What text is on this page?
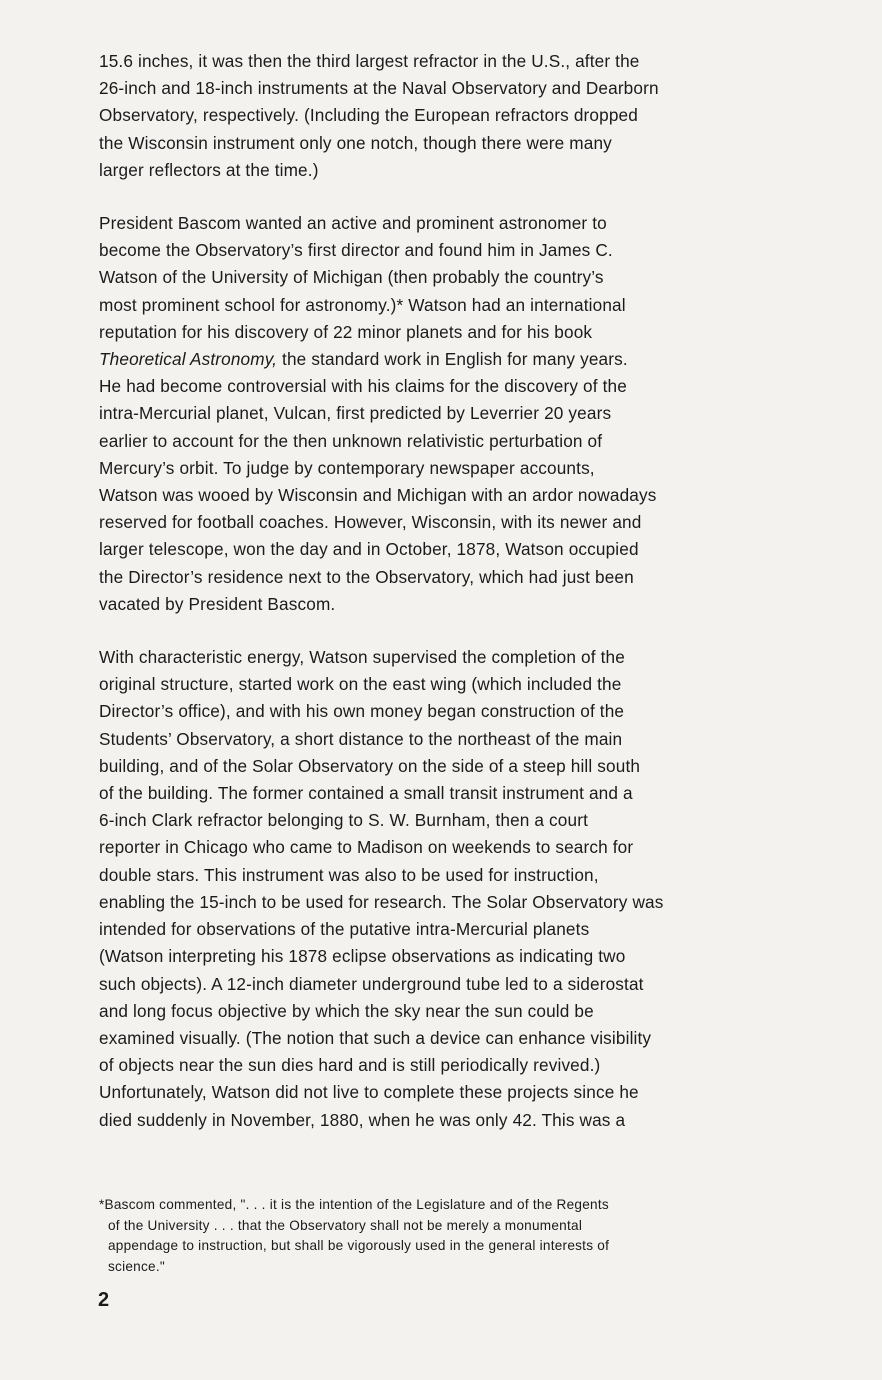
15.6 inches, it was then the third largest refractor in the U.S., after the
26-inch and 18-inch instruments at the Naval Observatory and Dearborn
Observatory, respectively. (Including the European refractors dropped
the Wisconsin instrument only one notch, though there were many
larger reflectors at the time.)

President Bascom wanted an active and prominent astronomer to
become the Observatory’s first director and found him in James C.
Watson of the University of Michigan (then probably the country’s
most prominent school for astronomy.)* Watson had an international
reputation for his discovery of 22 minor planets and for his book
Theoretical Astronomy, the standard work in English for many years.
He had become controversial with his claims for the discovery of the
intra-Mercurial planet, Vulcan, first predicted by Leverrier 20 years
earlier to account for the then unknown relativistic perturbation of
Mercury’s orbit. To judge by contemporary newspaper accounts,
Watson was wooed by Wisconsin and Michigan with an ardor nowadays
reserved for football coaches. However, Wisconsin, with its newer and
larger telescope, won the day and in October, 1878, Watson occupied
the Director’s residence next to the Observatory, which had just been
vacated by President Bascom.

With characteristic energy, Watson supervised the completion of the
original structure, started work on the east wing (which included the
Director’s office), and with his own money began construction of the
Students’ Observatory, a short distance to the northeast of the main
building, and of the Solar Observatory on the side of a steep hill south
of the building. The former contained a small transit instrument and a
6-inch Clark refractor belonging to S. W. Burnham, then a court
reporter in Chicago who came to Madison on weekends to search for
double stars. This instrument was also to be used for instruction,
enabling the 15-inch to be used for research. The Solar Observatory was
intended for observations of the putative intra-Mercurial planets
(Watson interpreting his 1878 eclipse observations as indicating two
such objects). A 12-inch diameter underground tube led to a siderostat
and long focus objective by which the sky near the sun could be
examined visually. (The notion that such a device can enhance visibility
of objects near the sun dies hard and is still periodically revived.)
Unfortunately, Watson did not live to complete these projects since he
died suddenly in November, 1880, when he was only 42. This was a

*Bascom commented, ". . . it is the intention of the Legislature and of the Regents
of the University . . . that the Observatory shall not be merely a monumental
appendage to instruction, but shall be vigorously used in the general interests of
science."

2
